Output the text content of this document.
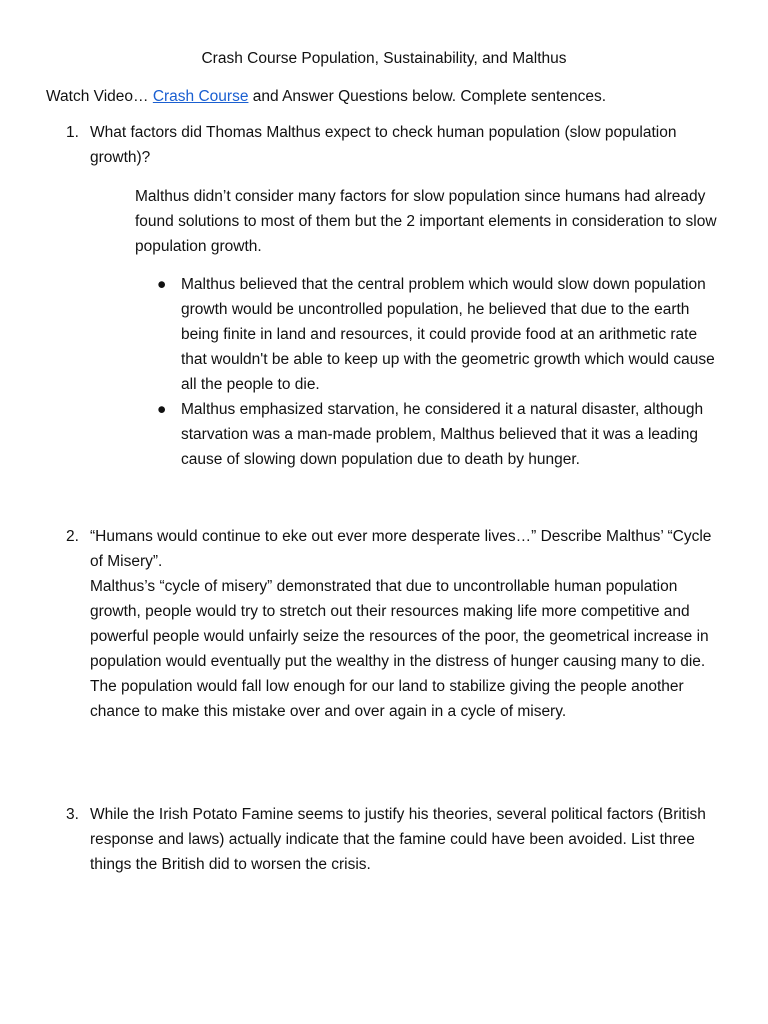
Crash Course Population, Sustainability, and Malthus

Watch Video… Crash Course and Answer Questions below. Complete sentences.

1. What factors did Thomas Malthus expect to check human population (slow population growth)?

Malthus didn’t consider many factors for slow population since humans had already found solutions to most of them but the 2 important elements in consideration to slow population growth.

● Malthus believed that the central problem which would slow down population growth would be uncontrolled population, he believed that due to the earth being finite in land and resources, it could provide food at an arithmetic rate that wouldn't be able to keep up with the geometric growth which would cause all the people to die.
● Malthus emphasized starvation, he considered it a natural disaster, although starvation was a man-made problem, Malthus believed that it was a leading cause of slowing down population due to death by hunger.
2. “Humans would continue to eke out ever more desperate lives…” Describe Malthus’ “Cycle of Misery”.

Malthus’s “cycle of misery” demonstrated that due to uncontrollable human population growth, people would try to stretch out their resources making life more competitive and powerful people would unfairly seize the resources of the poor, the geometrical increase in population would eventually put the wealthy in the distress of hunger causing many to die. The population would fall low enough for our land to stabilize giving the people another chance to make this mistake over and over again in a cycle of misery.

3. While the Irish Potato Famine seems to justify his theories, several political factors (British response and laws) actually indicate that the famine could have been avoided. List three things the British did to worsen the crisis.
